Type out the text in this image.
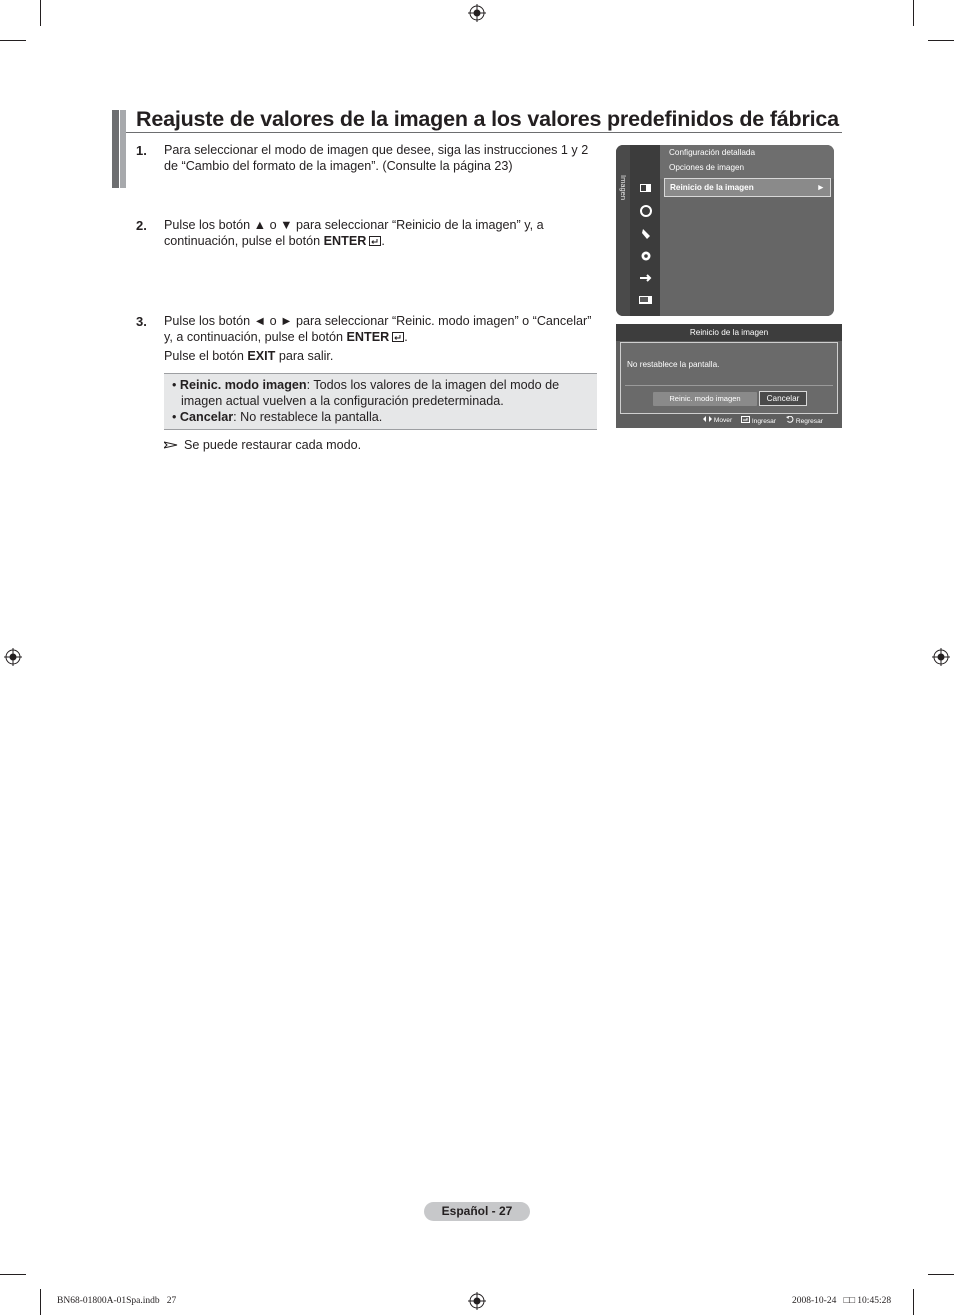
Reajuste de valores de la imagen a los valores predefinidos de fábrica
1. Para seleccionar el modo de imagen que desee, siga las instrucciones 1 y 2
de “Cambio del formato de la imagen”. (Consulte la página 23)
2. Pulse los botón ▲ o ▼ para seleccionar “Reinicio de la imagen” y, a
continuación, pulse el botón ENTER .
3. Pulse los botón ◄ o ► para seleccionar “Reinic. modo imagen” o “Cancelar”
y, a continuación, pulse el botón ENTER .
Pulse el botón EXIT para salir.
• Reinic. modo imagen: Todos los valores de la imagen del modo de
imagen actual vuelven a la configuración predeterminada.
• Cancelar: No restablece la pantalla.
Se puede restaurar cada modo.
Imagen
Configuración detallada
Opciones de imagen
Reinicio de la imagen	►
Reinicio de la imagen
No restablece la pantalla.
Reinic. modo imagen	Cancelar
Mover	Ingresar	Regresar
Español - 27
BN68-01800A-01Spa.indb   27	2008-10-24   □□ 10:45:28
